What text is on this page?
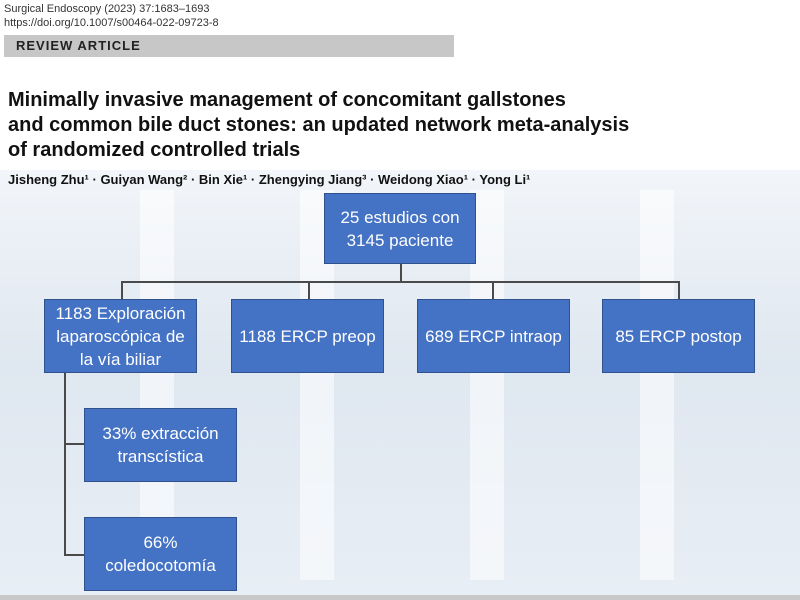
Surgical Endoscopy (2023) 37:1683–1693
https://doi.org/10.1007/s00464-022-09723-8
REVIEW ARTICLE
Minimally invasive management of concomitant gallstones
and common bile duct stones: an updated network meta-analysis
of randomized controlled trials
Jisheng Zhu¹ · Guiyan Wang² · Bin Xie¹ · Zhengying Jiang³ · Weidong Xiao¹ · Yong Li¹
25 estudios con
3145 paciente
1183 Exploración
laparoscópica de
la vía biliar
1188 ERCP preop	689 ERCP intraop	85 ERCP postop
33% extracción
transcística
66%
coledocotomía
